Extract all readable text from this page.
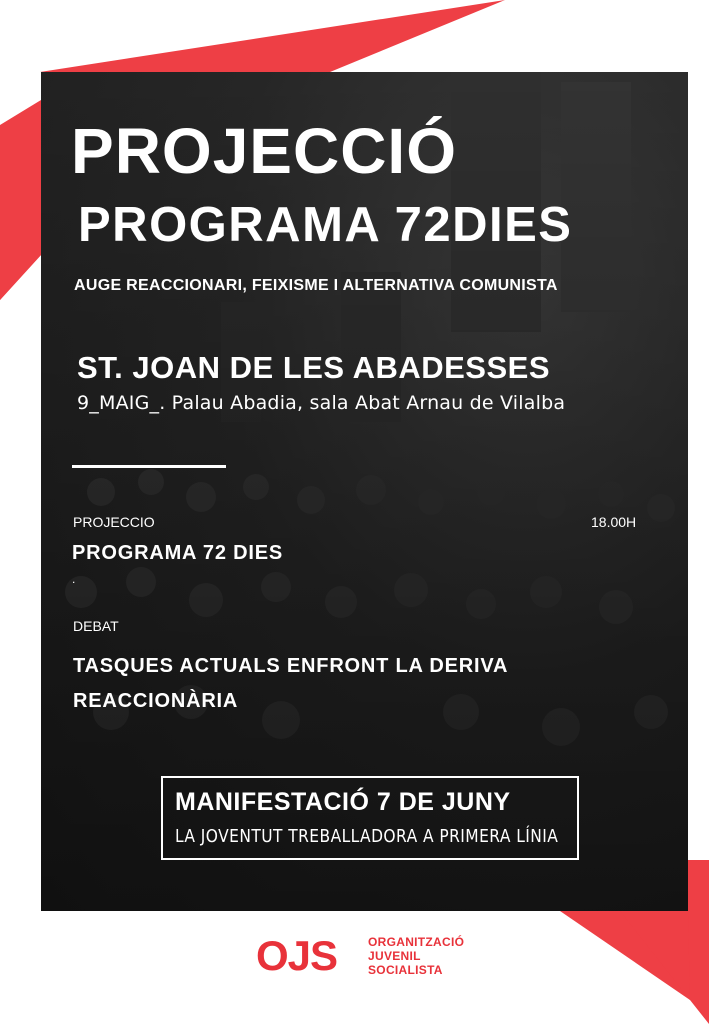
PROJECCIÓ
PROGRAMA 72DIES
AUGE REACCIONARI, FEIXISME I ALTERNATIVA COMUNISTA
ST. JOAN DE LES ABADESSES
9_MAIG_. Palau Abadia, sala Abat Arnau de Vilalba
PROJECCIO	18.00H
PROGRAMA 72 DIES
.
DEBAT
TASQUES ACTUALS ENFRONT LA DERIVA
REACCIONÀRIA
MANIFESTACIÓ 7 DE JUNY
LA JOVENTUT TREBALLADORA A PRIMERA LÍNIA
OJS	ORGANITZACIÓ
JUVENIL
SOCIALISTA
